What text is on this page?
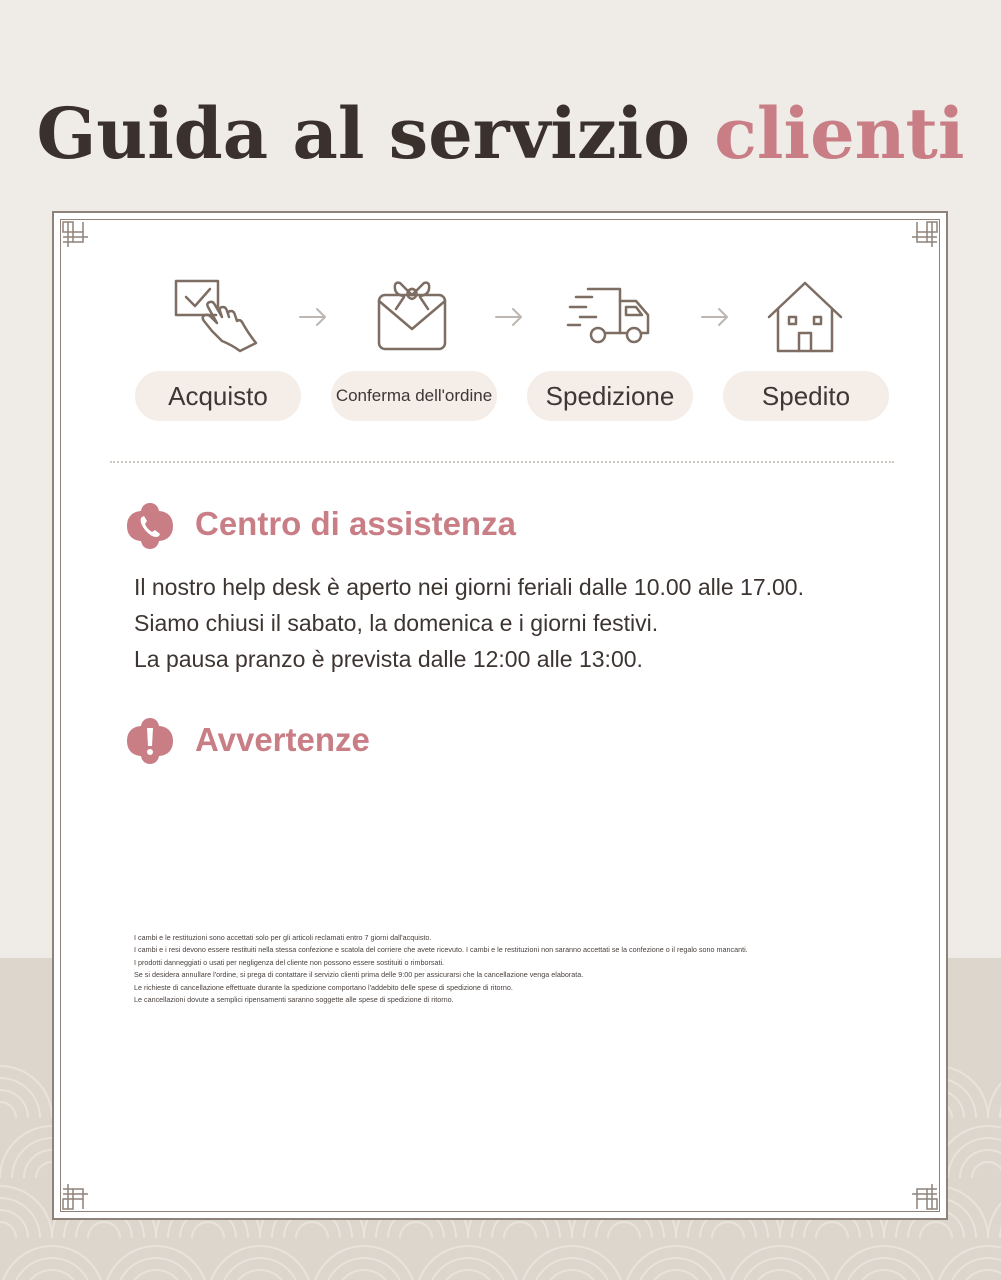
Guida al servizio clienti
Acquisto	Conferma dell'ordine Spedizione	Spedito
Centro di assistenza
Il nostro help desk è aperto nei giorni feriali dalle 10.00 alle 17.00.
Siamo chiusi il sabato, la domenica e i giorni festivi.
La pausa pranzo è prevista dalle 12:00 alle 13:00.
Avvertenze
I cambi e le restituzioni sono accettati solo per gli articoli reclamati entro 7 giorni dall'acquisto.
I cambi e i resi devono essere restituiti nella stessa confezione e scatola del corriere che avete ricevuto. I cambi e le restituzioni non saranno accettati se la confezione o il regalo sono mancanti.
I prodotti danneggiati o usati per negligenza del cliente non possono essere sostituiti o rimborsati.
Se si desidera annullare l'ordine, si prega di contattare il servizio clienti prima delle 9:00 per assicurarsi che la cancellazione venga elaborata.
Le richieste di cancellazione effettuate durante la spedizione comportano l'addebito delle spese di spedizione di ritorno.
Le cancellazioni dovute a semplici ripensamenti saranno soggette alle spese di spedizione di ritorno.
